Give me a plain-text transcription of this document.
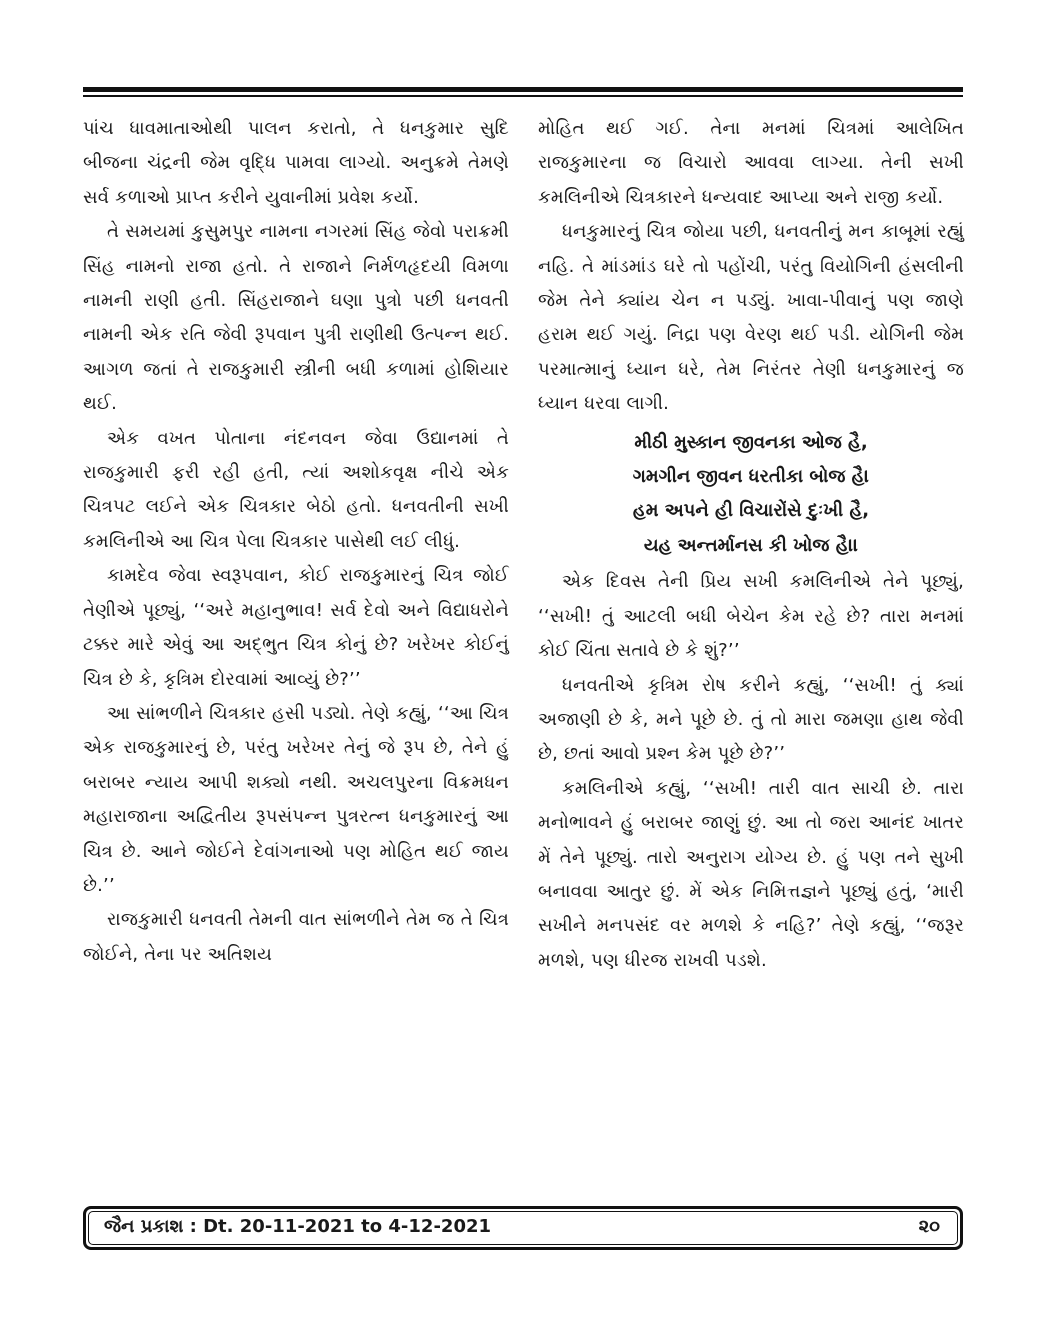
પાંચ ધાવમાતાઓથી પાલન કરાતો, તે ધનકુમાર સુદિ બીજના ચંદ્રની જેમ વૃદ્ધિ પામવા લાગ્યો. અનુક્રમે તેમણે સર્વ કળાઓ પ્રાપ્ત કરીને યુવાનીમાં પ્રવેશ કર્યો.

તે સમયમાં કુસુમપુર નામના નગરમાં સિંહ જેવો પરાક્રમી સિંહ નામનો રાજા હતો. તે રાજાને નિર્મળહૃદયી વિમળા નામની રાણી હતી. સિંહરાજાને ઘણા પુત્રો પછી ધનવતી નામની એક રતિ જેવી રૂપવાન પુત્રી રાણીથી ઉત્પન્ન થઈ. આગળ જતાં તે રાજકુમારી સ્ત્રીની બધી કળામાં હોશિયાર થઈ.

એક વખત પોતાના નંદનવન જેવા ઉદ્યાનમાં તે રાજકુમારી ફરી રહી હતી, ત્યાં અશોકવૃક્ષ નીચે એક ચિત્રપટ લઈને એક ચિત્રકાર બેઠો હતો. ધનવતીની સખી કમલિનીએ આ ચિત્ર પેલા ચિત્રકાર પાસેથી લઈ લીધું.

કામદેવ જેવા સ્વરૂપવાન, કોઈ રાજકુમારનું ચિત્ર જોઈ તેણીએ પૂછ્યું, ‘‘અરે મહાનુભાવ! સર્વ દેવો અને વિદ્યાધરોને ટક્કર મારે એવું આ અદ્ભુત ચિત્ર કોનું છે? ખરેખર કોઈનું ચિત્ર છે કે, કૃત્રિમ દોરવામાં આવ્યું છે?’’

આ સાંભળીને ચિત્રકાર હસી પડ્યો. તેણે કહ્યું, ‘‘આ ચિત્ર એક રાજકુમારનું છે, પરંતુ ખરેખર તેનું જે રૂપ છે, તેને હું બરાબર ન્યાય આપી શક્યો નથી. અચલપુરના વિક્રમધન મહારાજાના અદ્વિતીય રૂપસંપન્ન પુત્રરત્ન ધનકુમારનું આ ચિત્ર છે. આને જોઈને દેવાંગનાઓ પણ મોહિત થઈ જાય છે.’’

રાજકુમારી ધનવતી તેમની વાત સાંભળીને તેમ જ તે ચિત્ર જોઈને, તેના પર અતિશય

મોહિત થઈ ગઈ. તેના મનમાં ચિત્રમાં આલેખિત રાજકુમારના જ વિચારો આવવા લાગ્યા. તેની સખી કમલિનીએ ચિત્રકારને ધન્યવાદ આપ્યા અને રાજી કર્યો.

ધનકુમારનું ચિત્ર જોયા પછી, ધનવતીનું મન કાબૂમાં રહ્યું નહિ. તે માંડમાંડ ઘરે તો પહોંચી, પરંતુ વિયોગિની હંસલીની જેમ તેને ક્યાંય ચેન ન પડ્યું. ખાવા-પીવાનું પણ જાણે હરામ થઈ ગયું. નિદ્રા પણ વેરણ થઈ પડી. યોગિની જેમ પરમાત્માનું ધ્યાન ધરે, તેમ નિરંતર તેણી ધનકુમારનું જ ધ્યાન ધરવા લાગી.

મીઠી મુસ્કાન જીવનકા ઓજ હૈ,
ગમગીન જીવન ધરતીકા બોજ હૈ।
હમ અપને હી વિચારોંસે દુઃખી હૈ,
યહ અન્તર્માનસ કી ખોજ હૈ।।

એક દિવસ તેની પ્રિય સખી કમલિનીએ તેને પૂછ્યું, ‘‘સખી! તું આટલી બધી બેચેન કેમ રહે છે? તારા મનમાં કોઈ ચિંતા સતાવે છે કે શું?’’

ધનવતીએ કૃત્રિમ રોષ કરીને કહ્યું, ‘‘સખી! તું ક્યાં અજાણી છે કે, મને પૂછે છે. તું તો મારા જમણા હાથ જેવી છે, છતાં આવો પ્રશ્ન કેમ પૂછે છે?’’

કમલિનીએ કહ્યું, ‘‘સખી! તારી વાત સાચી છે. તારા મનોભાવને હું બરાબર જાણું છું. આ તો જરા આનંદ ખાતર મેં તેને પૂછ્યું. તારો અનુરાગ યોગ્ય છે. હું પણ તને સુખી બનાવવા આતુર છું. મેં એક નિમિત્તજ્ઞને પૂછ્યું હતું, ‘મારી સખીને મનપસંદ વર મળશે કે નહિ?’ તેણે કહ્યું, ‘‘જરૂર મળશે, પણ ધીરજ રાખવી પડશે.

જૈન પ્રકાશ : Dt. 20-11-2021 to 4-12-2021	૨૦
